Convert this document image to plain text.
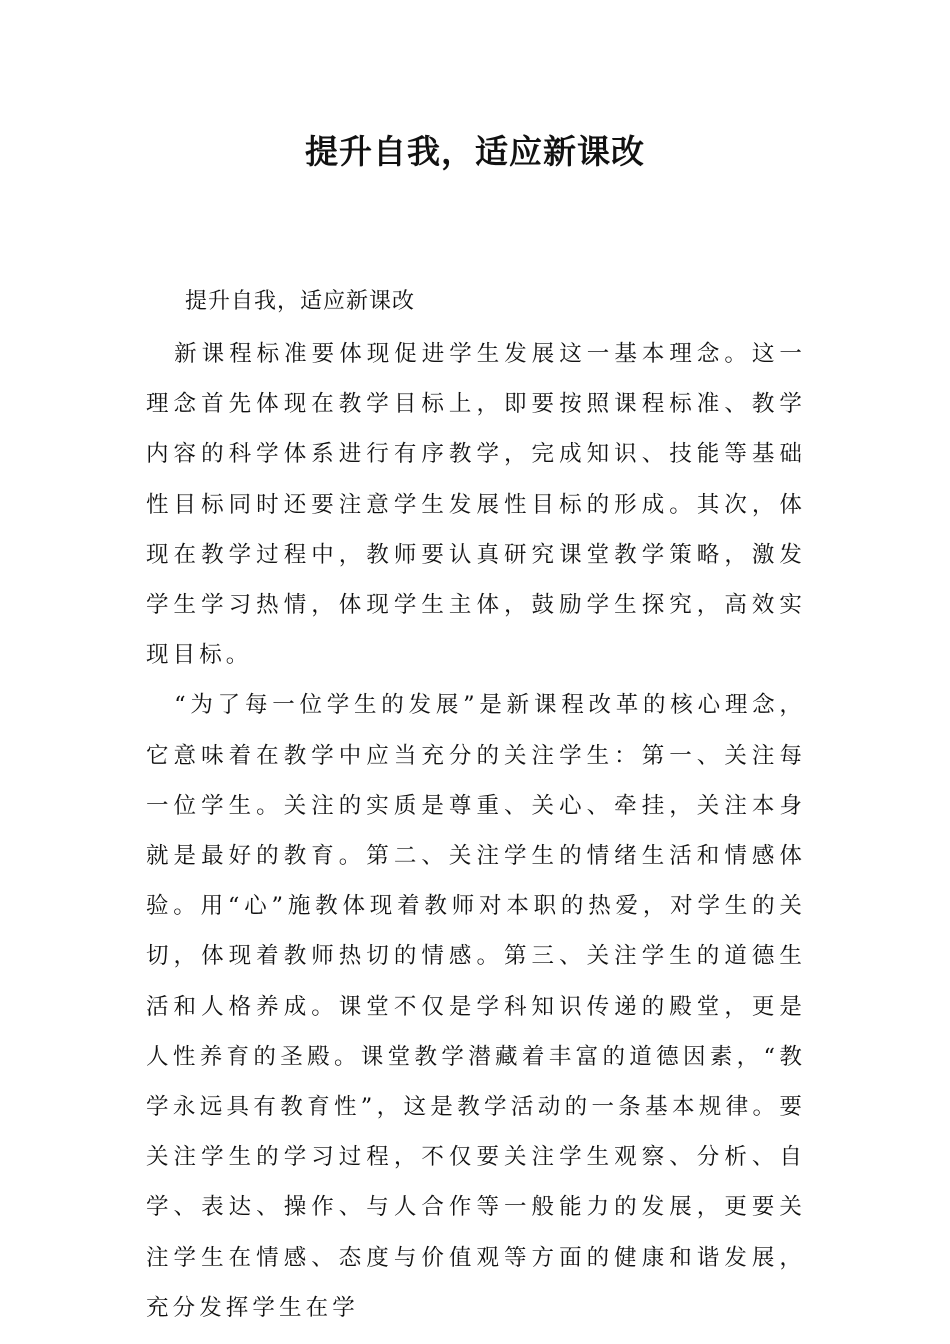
提升自我，适应新课改
提升自我，适应新课改

新课程标准要体现促进学生发展这一基本理念。这一理念首先体现在教学目标上，即要按照课程标准、教学内容的科学体系进行有序教学，完成知识、技能等基础性目标同时还要注意学生发展性目标的形成。其次，体现在教学过程中，教师要认真研究课堂教学策略，激发学生学习热情，体现学生主体，鼓励学生探究，高效实现目标。

“为了每一位学生的发展”是新课程改革的核心理念，它意味着在教学中应当充分的关注学生：第一、关注每一位学生。关注的实质是尊重、关心、牵挂，关注本身就是最好的教育。第二、关注学生的情绪生活和情感体验。用“心”施教体现着教师对本职的热爱，对学生的关切，体现着教师热切的情感。第三、关注学生的道德生活和人格养成。课堂不仅是学科知识传递的殿堂，更是人性养育的圣殿。课堂教学潜藏着丰富的道德因素，“教学永远具有教育性”，这是教学活动的一条基本规律。要关注学生的学习过程，不仅要关注学生观察、分析、自学、表达、操作、与人合作等一般能力的发展，更要关注学生在情感、态度与价值观等方面的健康和谐发展，充分发挥学生在学
